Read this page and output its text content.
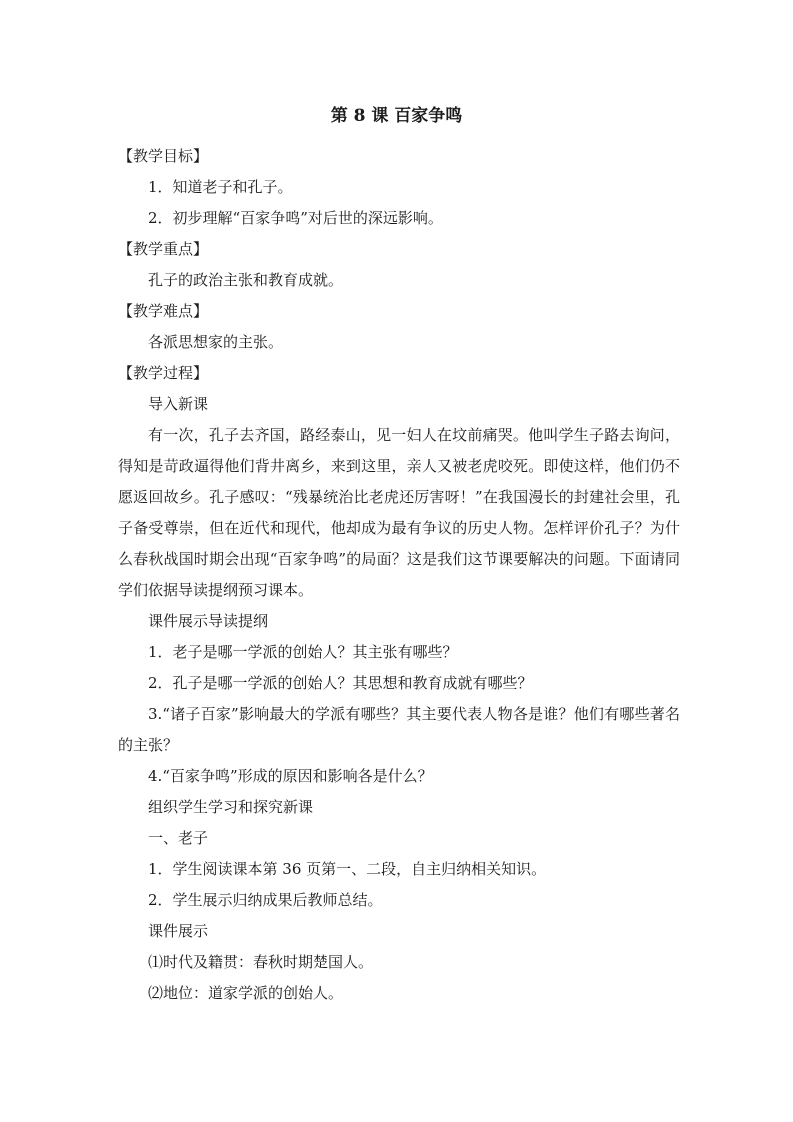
第 8 课 百家争鸣

【教学目标】

1．知道老子和孔子。

2．初步理解“百家争鸣”对后世的深远影响。

【教学重点】

孔子的政治主张和教育成就。

【教学难点】

各派思想家的主张。

【教学过程】

导入新课

有一次，孔子去齐国，路经泰山，见一妇人在坟前痛哭。他叫学生子路去询问，得知是苛政逼得他们背井离乡，来到这里，亲人又被老虎咬死。即使这样，他们仍不愿返回故乡。孔子感叹：“残暴统治比老虎还厉害呀！”在我国漫长的封建社会里，孔子备受尊崇，但在近代和现代，他却成为最有争议的历史人物。怎样评价孔子？为什么春秋战国时期会出现“百家争鸣”的局面？这是我们这节课要解决的问题。下面请同学们依据导读提纲预习课本。

课件展示导读提纲

1．老子是哪一学派的创始人？其主张有哪些？

2．孔子是哪一学派的创始人？其思想和教育成就有哪些？

3.“诸子百家”影响最大的学派有哪些？其主要代表人物各是谁？他们有哪些著名的主张？

4.“百家争鸣”形成的原因和影响各是什么？

组织学生学习和探究新课

一、老子

1．学生阅读课本第 36 页第一、二段，自主归纳相关知识。

2．学生展示归纳成果后教师总结。

课件展示

⑴时代及籍贯：春秋时期楚国人。

⑵地位：道家学派的创始人。
